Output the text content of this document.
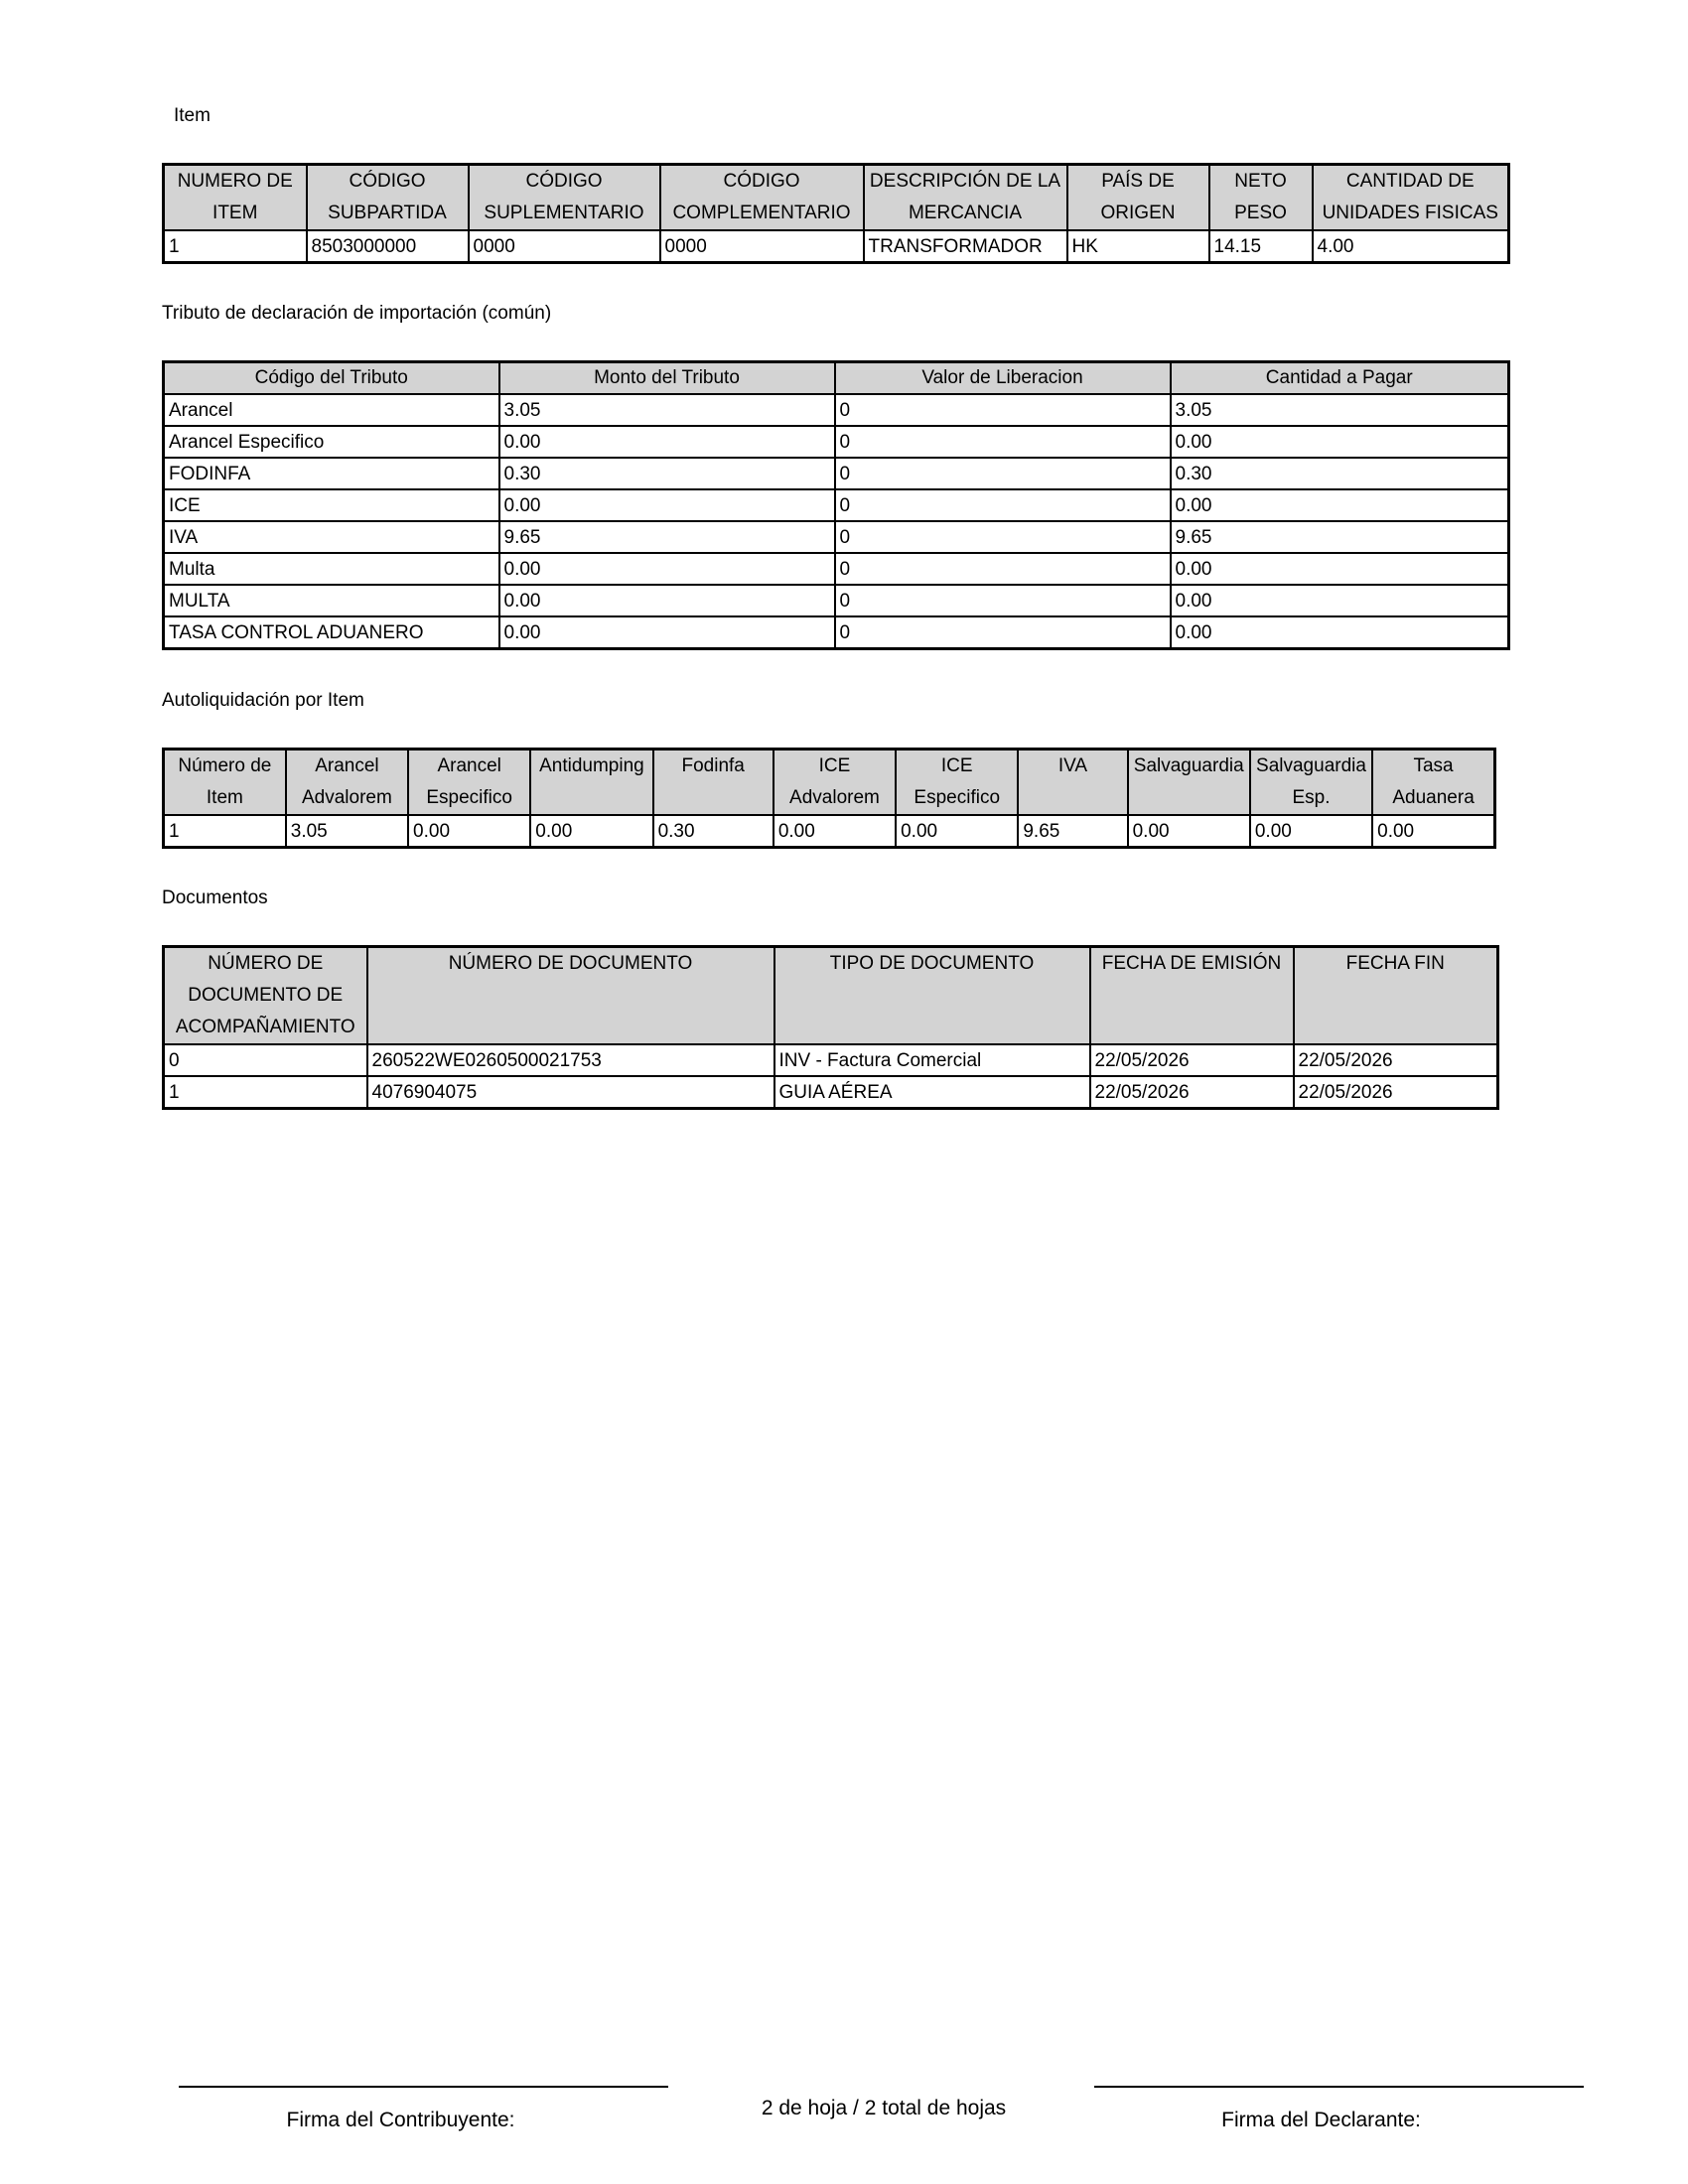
Item
NUMERO DE ITEM	CÓDIGO SUBPARTIDA	CÓDIGO SUPLEMENTARIO	CÓDIGO COMPLEMENTARIO	DESCRIPCIÓN DE LA MERCANCIA	PAÍS DE ORIGEN	NETO PESO	CANTIDAD DE UNIDADES FISICAS
1	8503000000	0000	0000	TRANSFORMADOR	HK	14.15	4.00
Tributo de declaración de importación (común)
Código del Tributo	Monto del Tributo	Valor de Liberacion	Cantidad a Pagar
Arancel	3.05	0	3.05
Arancel Especifico	0.00	0	0.00
FODINFA	0.30	0	0.30
ICE	0.00	0	0.00
IVA	9.65	0	9.65
Multa	0.00	0	0.00
MULTA	0.00	0	0.00
TASA CONTROL ADUANERO	0.00	0	0.00
Autoliquidación por Item
Número de Item	Arancel Advalorem	Arancel Especifico	Antidumping	Fodinfa	ICE Advalorem	ICE Especifico	IVA	Salvaguardia	Salvaguardia Esp.	Tasa Aduanera
1	3.05	0.00	0.00	0.30	0.00	0.00	9.65	0.00	0.00	0.00
Documentos
NÚMERO DE DOCUMENTO DE ACOMPAÑAMIENTO	NÚMERO DE DOCUMENTO	TIPO DE DOCUMENTO	FECHA DE EMISIÓN	FECHA FIN
0	260522WE0260500021753	INV - Factura Comercial	22/05/2026	22/05/2026
1	4076904075	GUIA AÉREA	22/05/2026	22/05/2026
Firma del Contribuyente:
2 de hoja / 2 total de hojas
Firma del Declarante:
